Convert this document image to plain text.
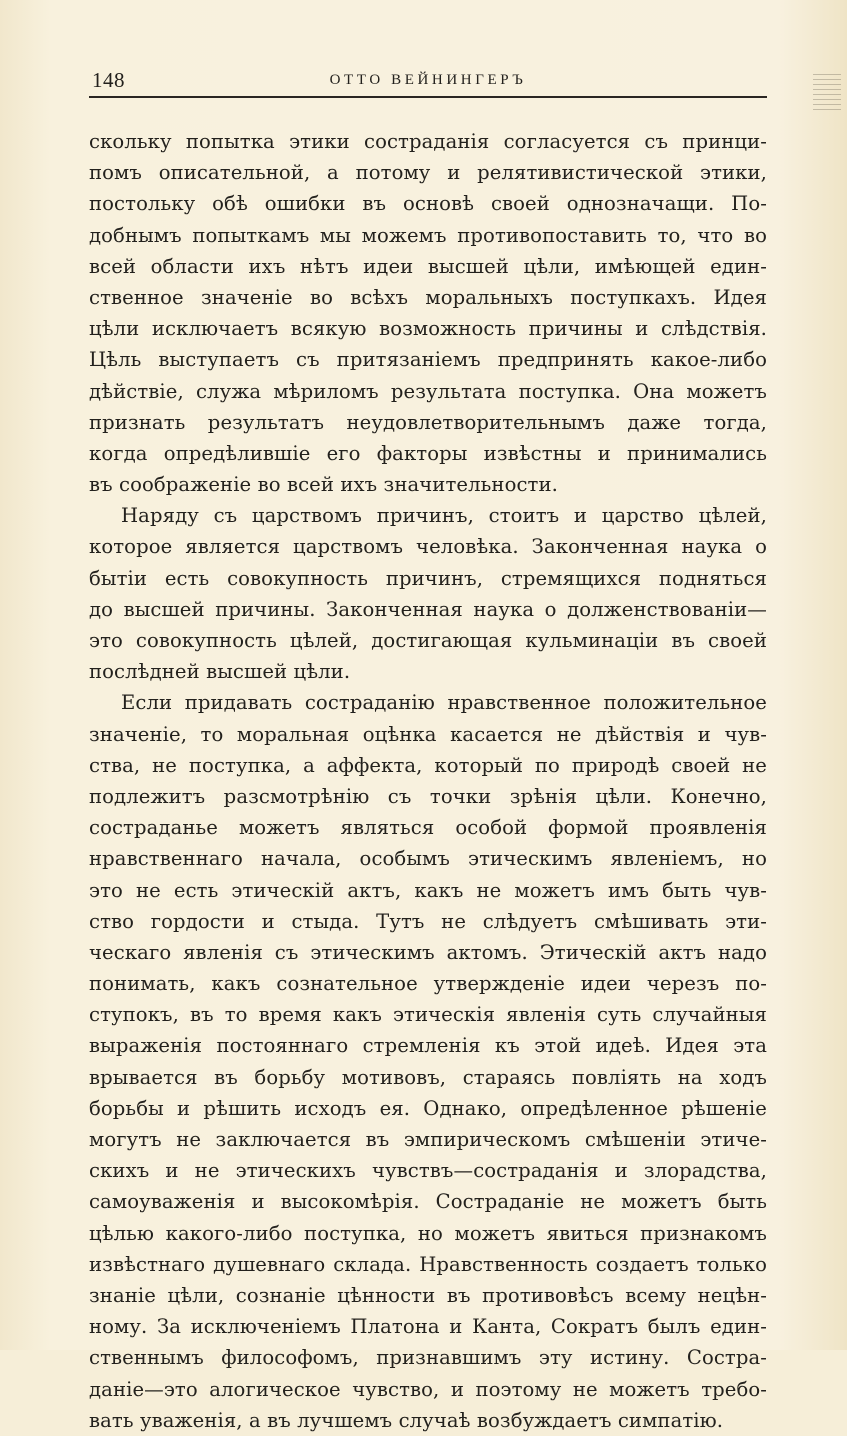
148	ОТТО ВЕЙНИНГЕРЪ
скольку попытка этики состраданія согласуется съ принци-
помъ описательной, а потому и релятивистической этики,
постольку обѣ ошибки въ основѣ своей однозначащи. По-
добнымъ попыткамъ мы можемъ противопоставить то, что во
всей области ихъ нѣтъ идеи высшей цѣли, имѣющей един-
ственное значенiе во всѣхъ моральныхъ поступкахъ. Идея
цѣли исключаетъ всякую возможность причины и слѣдствія.
Цѣль выступаетъ съ притязанiемъ предпринять какое-либо
дѣйствiе, служа мѣриломъ результата поступка. Она можетъ
признать результатъ неудовлетворительнымъ даже тогда,
когда опредѣлившіе его факторы извѣстны и принимались
въ соображенiе во всей ихъ значительности.
Наряду съ царствомъ причинъ, стоитъ и царство цѣлей,
которое является царствомъ человѣка. Законченная наука о
бытіи есть совокупность причинъ, стремящихся подняться
до высшей причины. Законченная наука о долженствованiи—
это совокупность цѣлей, достигающая кульминаціи въ своей
послѣдней высшей цѣли.
Если придавать состраданію нравственное положительное
значенiе, то моральная оцѣнка касается не дѣйствія и чув-
ства, не поступка, а аффекта, который по природѣ своей не
подлежитъ разсмотрѣнію съ точки зрѣнія цѣли. Конечно,
состраданье можетъ являться особой формой проявленія
нравственнаго начала, особымъ этическимъ явленiемъ, но
это не есть этическій актъ, какъ не можетъ имъ быть чув-
ство гордости и стыда. Тутъ не слѣдуетъ смѣшивать эти-
ческаго явленія съ этическимъ актомъ. Этическій актъ надо
понимать, какъ сознательное утвержденiе идеи черезъ по-
ступокъ, въ то время какъ этическія явленія суть случайныя
выраженія постояннаго стремленія къ этой идеѣ. Идея эта
врывается въ борьбу мотивовъ, стараясь повліять на ходъ
борьбы и рѣшить исходъ ея. Однако, опредѣленное рѣшеніе
могутъ не заключается въ эмпирическомъ смѣшенiи этиче-
скихъ и не этическихъ чувствъ—состраданія и злорадства,
самоуваженія и высокомѣрія. Состраданіе не можетъ быть
цѣлью какого-либо поступка, но можетъ явиться признакомъ
извѣстнаго душевнаго склада. Нравственность создаетъ только
знаніе цѣли, сознаніе цѣнности въ противовѣсъ всему нецѣн-
ному. За исключенiемъ Платона и Канта, Сократъ былъ един-
ственнымъ философомъ, признавшимъ эту истину. Состра-
данiе—это алогическое чувство, и поэтому не можетъ требо-
вать уваженія, а въ лучшемъ случаѣ возбуждаетъ симпатію.
